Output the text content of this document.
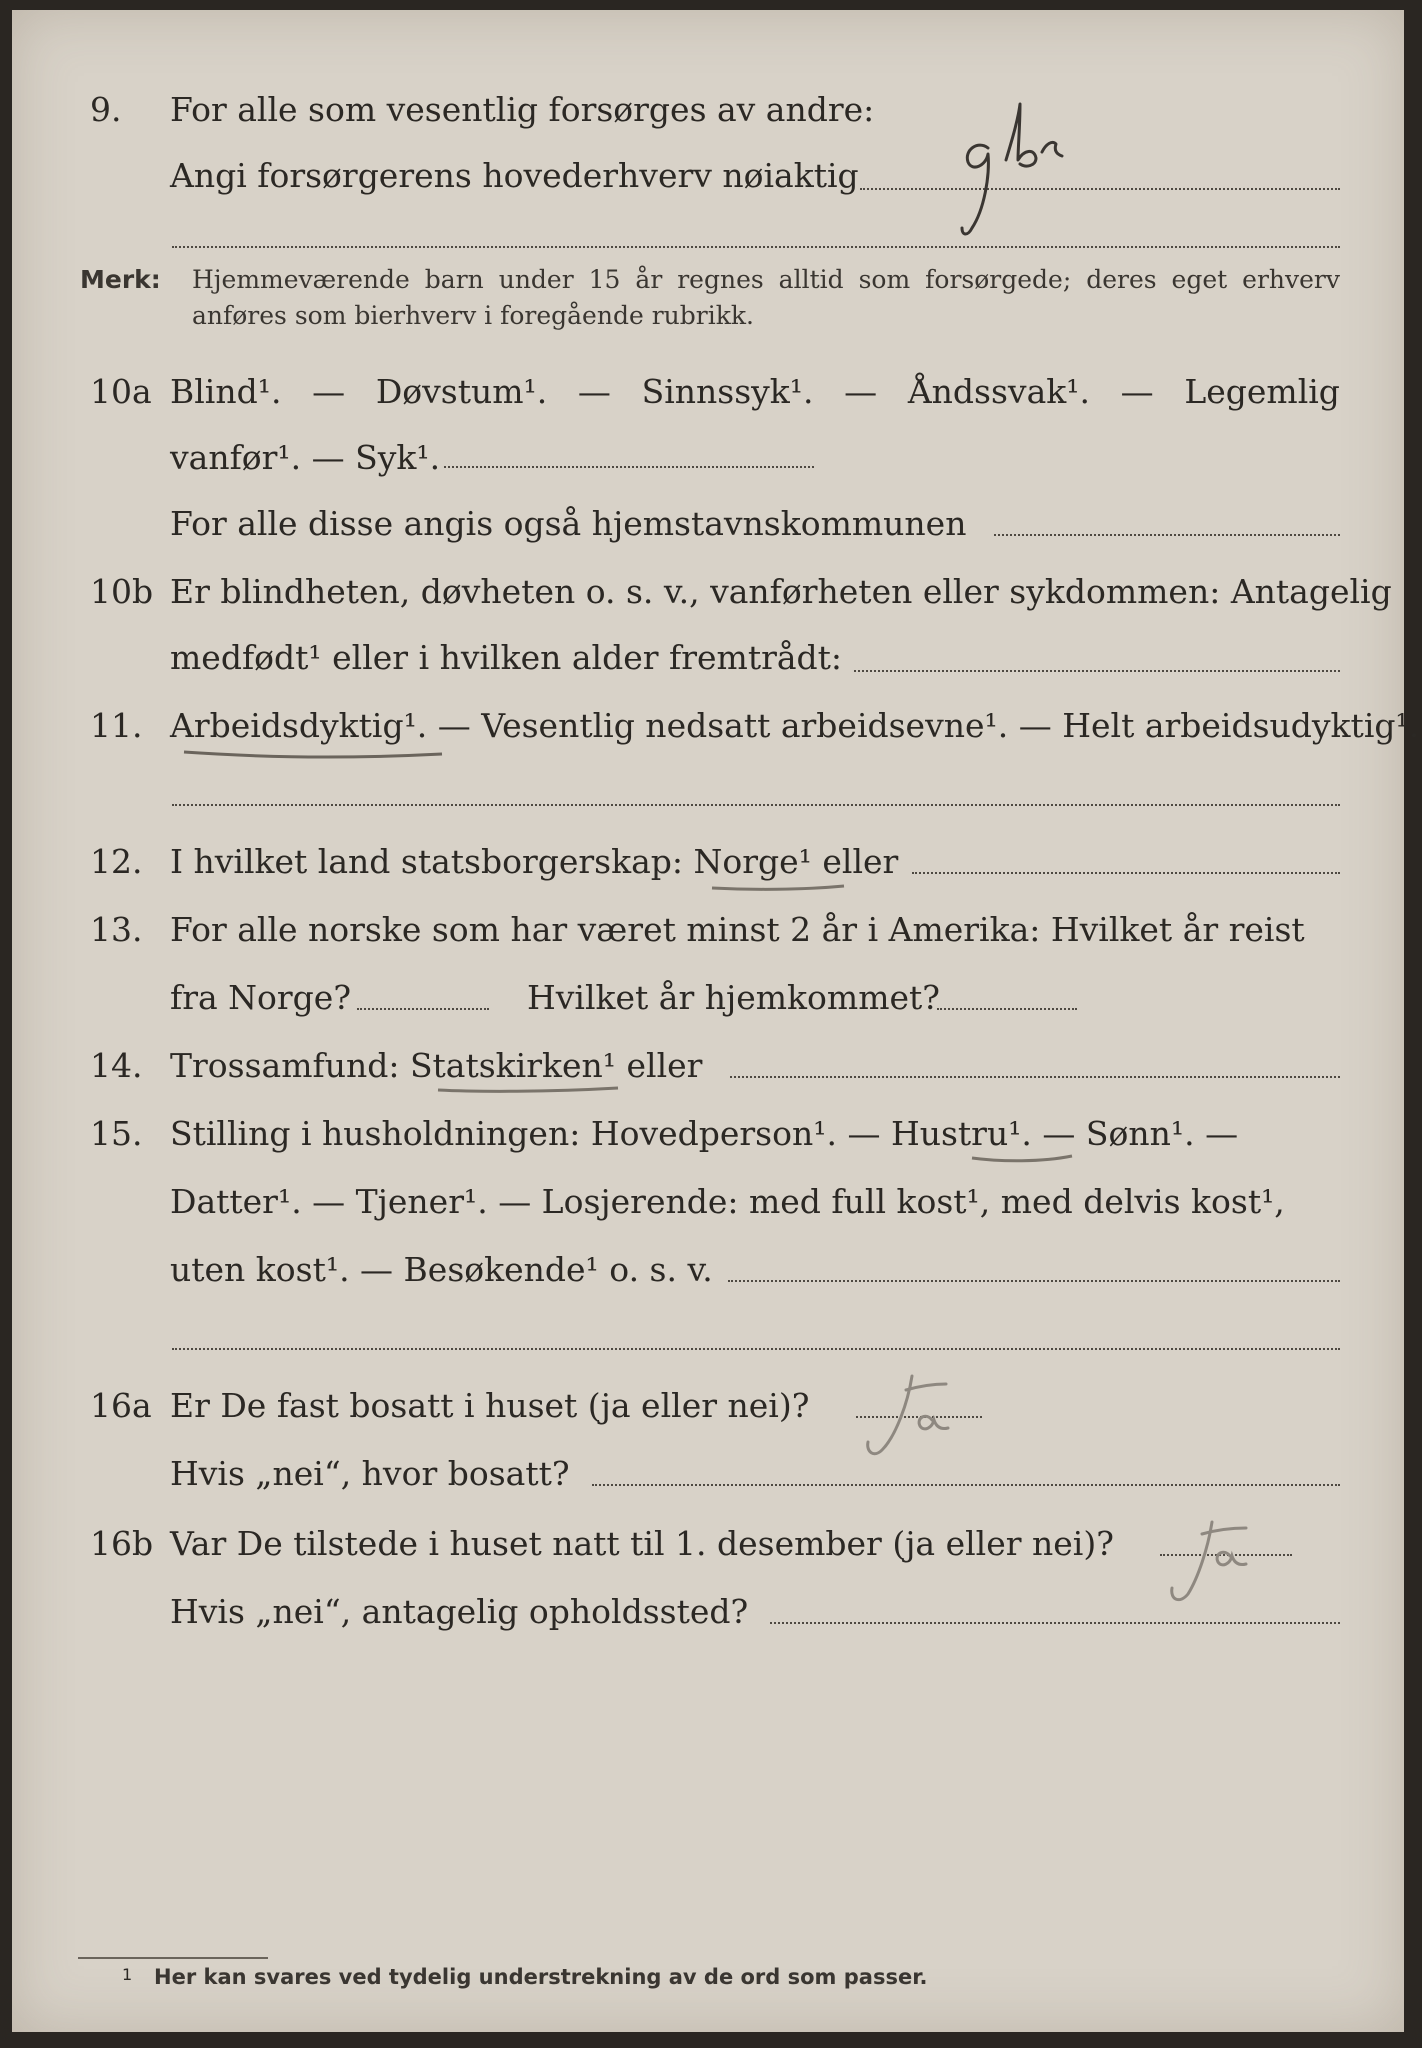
9. For alle som vesentlig forsørges av andre:
Angi forsørgerens hovederhverv nøiaktig
Merk: Hjemmeværende barn under 15 år regnes alltid som forsørgede; deres eget erhverv anføres som bierhverv i foregående rubrikk.
10a Blind¹. — Døvstum¹. — Sinnssyk¹. — Åndssvak¹. — Legemlig
vanfør¹. — Syk¹.
For alle disse angis også hjemstavnskommunen
10b Er blindheten, døvheten o. s. v., vanførheten eller sykdommen: Antagelig
medfødt¹ eller i hvilken alder fremtrådt:
11. Arbeidsdyktig¹. — Vesentlig nedsatt arbeidsevne¹. — Helt arbeidsudyktig¹.
12. I hvilket land statsborgerskap: Norge¹ eller
13. For alle norske som har været minst 2 år i Amerika: Hvilket år reist
fra Norge?	Hvilket år hjemkommet?
14. Trossamfund: Statskirken¹ eller
15. Stilling i husholdningen: Hovedperson¹. — Hustru¹. — Sønn¹. —
Datter¹. — Tjener¹. — Losjerende: med full kost¹, med delvis kost¹,
uten kost¹. — Besøkende¹ o. s. v.
16a Er De fast bosatt i huset (ja eller nei)?
Hvis „nei“, hvor bosatt?
16b Var De tilstede i huset natt til 1. desember (ja eller nei)?
Hvis „nei“, antagelig opholdssted?
1 Her kan svares ved tydelig understrekning av de ord som passer.
